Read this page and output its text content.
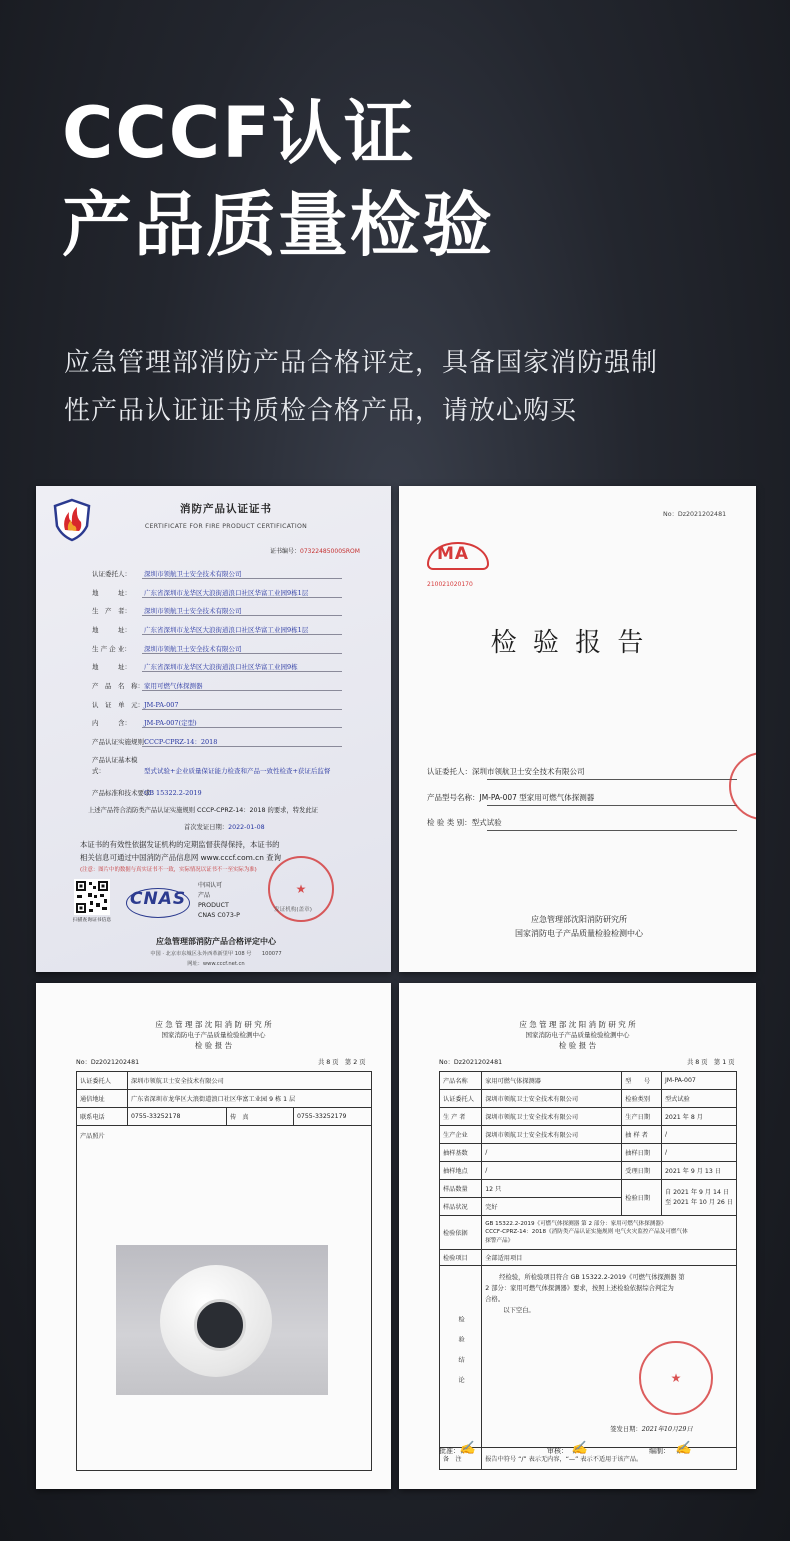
CCCF认证
产品质量检验

应急管理部消防产品合格评定，具备国家消防强制

性产品认证证书质检合格产品，请放心购买

消防产品认证证书
CERTIFICATE FOR FIRE PRODUCT CERTIFICATION
证书编号：07322485000SROM
认证委托人： 深圳市领航卫士安全技术有限公司
地　　　址： 广东省深圳市龙华区大浪街道浪口社区华富工业园9栋1层
生　产　者： 深圳市领航卫士安全技术有限公司
地　　　址： 广东省深圳市龙华区大浪街道浪口社区华富工业园9栋1层
生 产 企 业： 深圳市领航卫士安全技术有限公司
地　　　址： 广东省深圳市龙华区大浪街道浪口社区华富工业园9栋
产　品　名　称：家用可燃气体探测器
认　证　单　元：JM-PA-007
内　　　含： JM-PA-007(定型)
产品认证实施规则：CCCP-CPRZ-14：2018
产品认证基本模式：	型式试验+企业质量保证能力检查和产品一致性检查+获证后监督
产品标准和技术要求：GB 15322.2-2019
上述产品符合消防类产品认证实施规则 CCCP-CPRZ-14：2018 的要求，特发此证
首次发证日期：2022-01-08
本证书的有效性依据发证机构的定期监督获得保持，本证书的
相关信息可通过中国消防产品信息网 www.cccf.com.cn 查询
(注意：图片中的数据与真实证书不一致，实际情况以证书不一至实际为准)
扫描查询证书信息
CNAS
中国认可
产品
PRODUCT
CNAS C073-P
★
发证机构(盖章)
应急管理部消防产品合格评定中心
中国 · 北京市东城区永外西革新里甲 108 号　　100077
网址：www.cccf.net.cn
No：Dz2021202481
MA
210021020170
检 验 报 告
认证委托人：深圳市领航卫士安全技术有限公司
产品型号名称：JM-PA-007 型家用可燃气体探测器
检 验 类 别：型式试验
★
应急管理部沈阳消防研究所
国家消防电子产品质量检验检测中心
应 急 管 理 部 沈 阳 消 防 研 究 所
国家消防电子产品质量检验检测中心
检 验 报 告
No：Dz2021202481	共 8 页　第 2 页
认证委托人	深圳市领航卫士安全技术有限公司		
通信地址	广东省深圳市龙华区大浪街道浪口社区华富工业园 9 栋 1 层		
联系电话	0755-33252178	传　真	0755-33252179
产品照片			
应 急 管 理 部 沈 阳 消 防 研 究 所
国家消防电子产品质量检验检测中心
检 验 报 告
No：Dz2021202481	共 8 页　第 1 页
产品名称	家用可燃气体探测器	型　　号	JM-PA-007
认证委托人	深圳市领航卫士安全技术有限公司	检验类别	型式试验
生 产 者	深圳市领航卫士安全技术有限公司	生产日期	2021 年 8 月
生产企业	深圳市领航卫士安全技术有限公司	抽 样 者	/
抽样基数	/	抽样日期	/
抽样地点	/	受理日期	2021 年 9 月 13 日
样品数量	12 只	检验日期	自 2021 年 9 月 14 日
至 2021 年 10 月 26 日
样品状况	完好		
检验依据	GB 15322.2-2019《可燃气体探测器 第 2 部分：家用可燃气体探测器》
CCCF-CPRZ-14：2018《消防类产品认证实施规则 电气火灾监控产品及可燃气体
探警产品》		
检验项目	全部适用项目		
检验结论	经检验，所检验项目符合 GB 15322.2-2019《可燃气体探测器 第
2 部分：家用可燃气体探测器》要求，按照上述检验依据综合判定为
合格。
以下空白。
签发日期：2021年10月29日		

备　注	报告中符号 “/” 表示无内容，“—” 表示不适用于该产品。		
★
批准： ✍	审核： ✍	编制： ✍
